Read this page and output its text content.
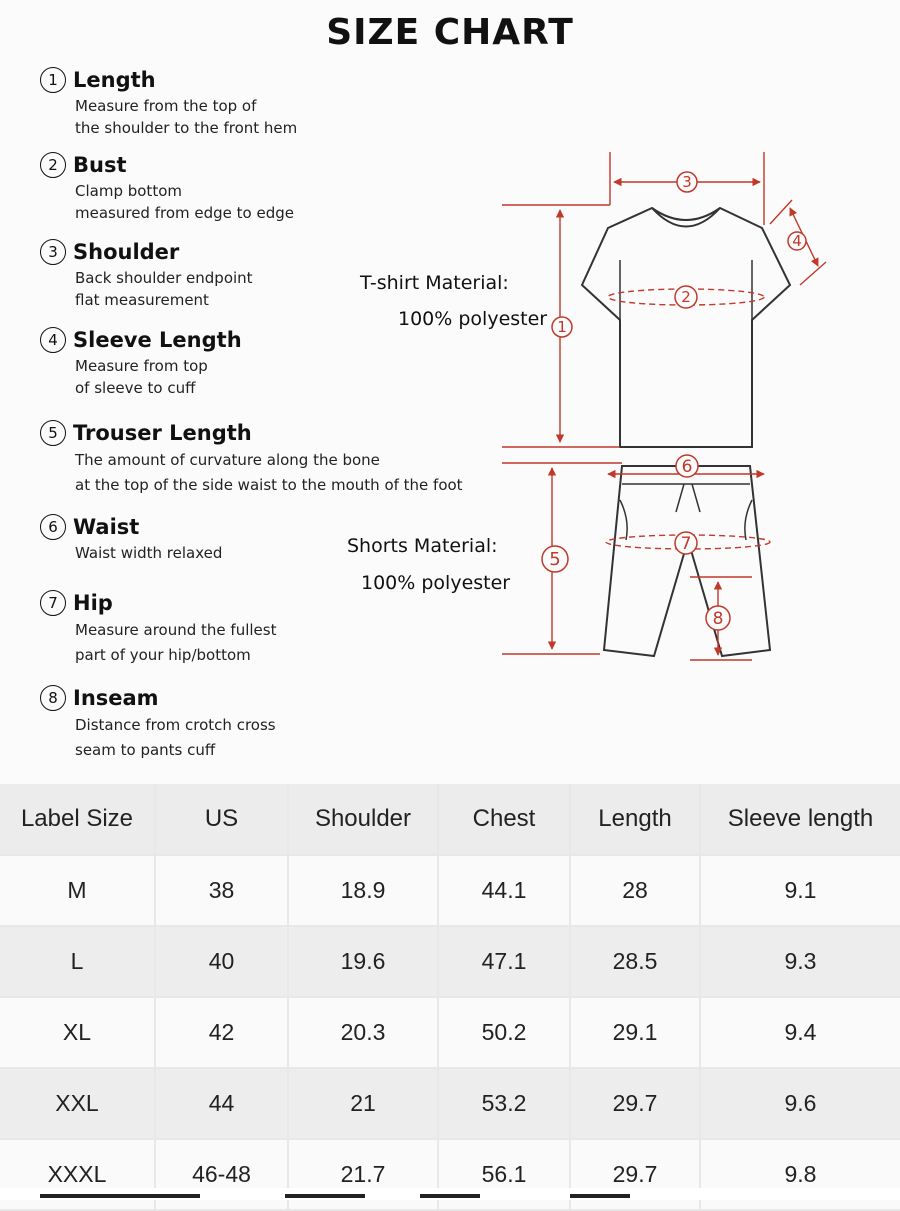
SIZE CHART
1 Length
Measure from the top of
the shoulder to the front hem
2 Bust
Clamp bottom
measured from edge to edge
3 Shoulder
Back shoulder endpoint
flat measurement
4 Sleeve Length
Measure from top
of sleeve to cuff
5 Trouser Length
The amount of curvature along the bone
at the top of the side waist to the mouth of the foot
6 Waist
Waist width relaxed
7 Hip
Measure around the fullest
part of your hip/bottom
8 Inseam
Distance from crotch cross
seam to pants cuff
T-shirt Material:
100% polyester
Shorts Material:
100% polyester
3
4
1
2
5
6
7
8
Label Size	US	Shoulder	Chest	Length	Sleeve length
M	38	18.9	44.1	28	9.1
L	40	19.6	47.1	28.5	9.3
XL	42	20.3	50.2	29.1	9.4
XXL	44	21	53.2	29.7	9.6
XXXL	46-48	21.7	56.1	29.7	9.8
